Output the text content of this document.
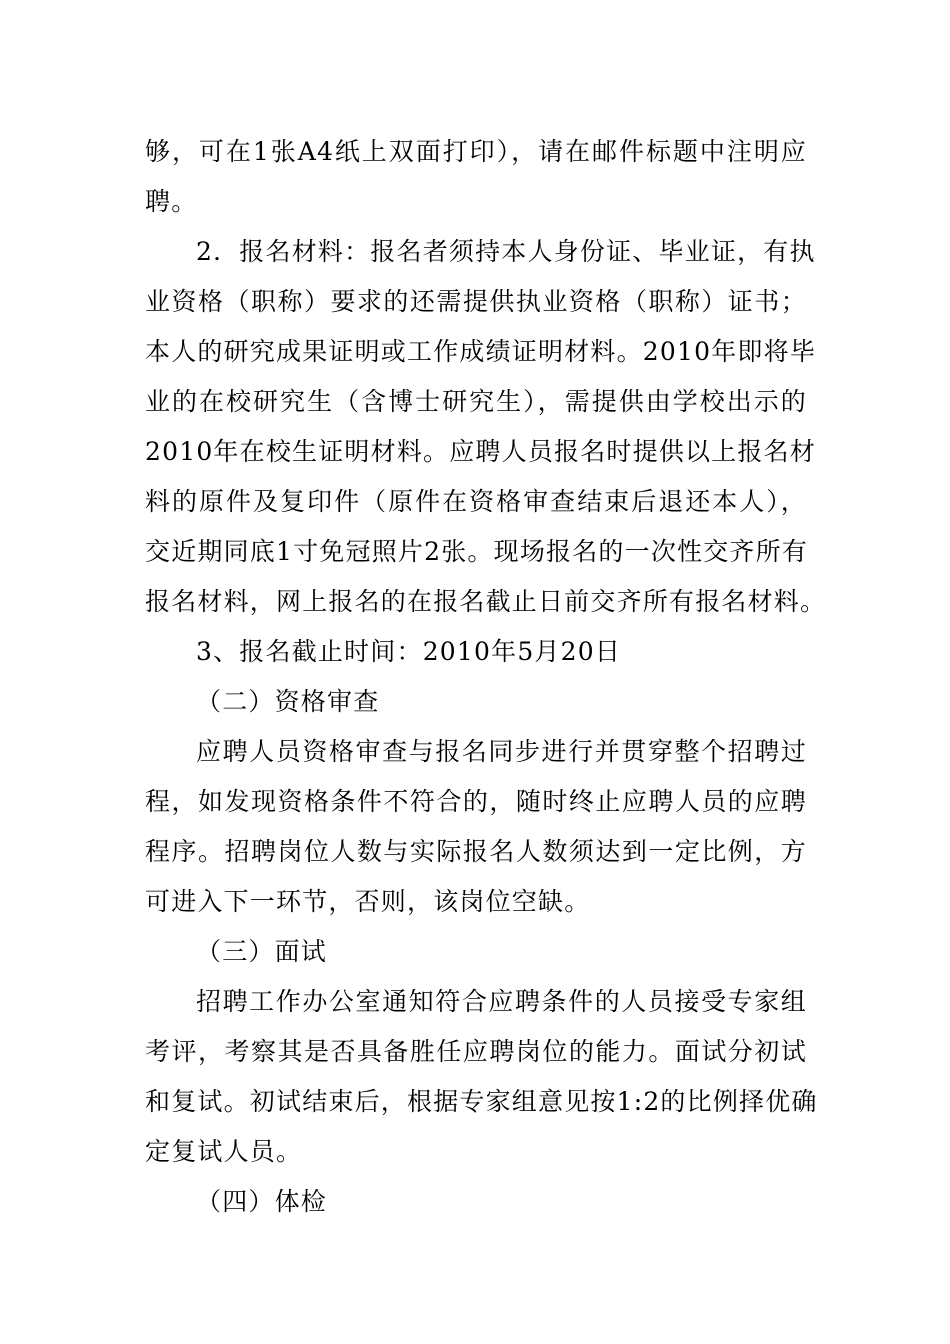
够，可在1张A4纸上双面打印），请在邮件标题中注明应
聘。
2．报名材料：报名者须持本人身份证、毕业证，有执
业资格（职称）要求的还需提供执业资格（职称）证书；
本人的研究成果证明或工作成绩证明材料。2010年即将毕
业的在校研究生（含博士研究生），需提供由学校出示的
2010年在校生证明材料。应聘人员报名时提供以上报名材
料的原件及复印件（原件在资格审查结束后退还本人），
交近期同底1寸免冠照片2张。现场报名的一次性交齐所有
报名材料，网上报名的在报名截止日前交齐所有报名材料。
3、报名截止时间：2010年5月20日
（二）资格审查
应聘人员资格审查与报名同步进行并贯穿整个招聘过
程，如发现资格条件不符合的，随时终止应聘人员的应聘
程序。招聘岗位人数与实际报名人数须达到一定比例，方
可进入下一环节，否则，该岗位空缺。
（三）面试
招聘工作办公室通知符合应聘条件的人员接受专家组
考评，考察其是否具备胜任应聘岗位的能力。面试分初试
和复试。初试结束后，根据专家组意见按1:2的比例择优确
定复试人员。
（四）体检
